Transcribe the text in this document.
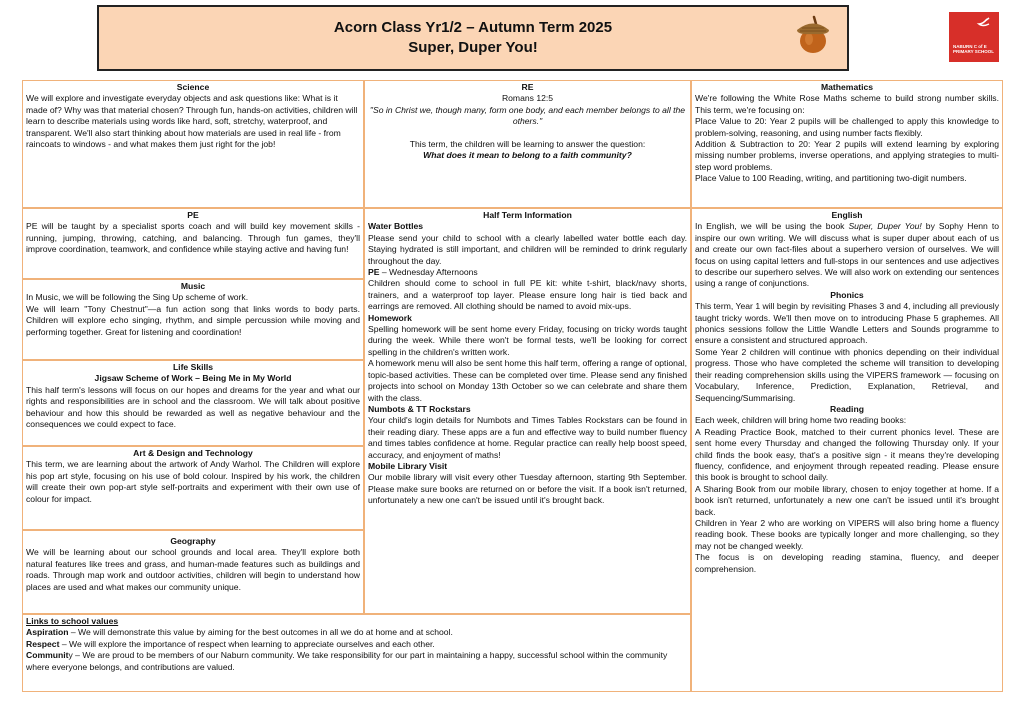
Acorn Class Yr1/2 – Autumn Term 2025
Super, Duper You!	NABURN C of E PRIMARY SCHOOL

Science

We will explore and investigate everyday objects and ask questions like: What is it made of? Why was that material chosen? Through fun, hands-on activities, children will learn to describe materials using words like hard, soft, stretchy, waterproof, and transparent. We'll also start thinking about how materials are used in real life - from raincoats to windows - and what makes them just right for the job!

RE

Romans 12:5

"So in Christ we, though many, form one body, and each member belongs to all the others."

This term, the children will be learning to answer the question:

What does it mean to belong to a faith community?

Mathematics

We're following the White Rose Maths scheme to build strong number skills. This term, we're focusing on:

Place Value to 20: Year 2 pupils will be challenged to apply this knowledge to problem-solving, reasoning, and using number facts flexibly.

Addition & Subtraction to 20: Year 2 pupils will extend learning by exploring missing number problems, inverse operations, and applying strategies to multi-step word problems.

Place Value to 100 Reading, writing, and partitioning two-digit numbers.

PE

PE will be taught by a specialist sports coach and will build key movement skills - running, jumping, throwing, catching, and balancing. Through fun games, they'll improve coordination, teamwork, and confidence while staying active and having fun!

Music

In Music, we will be following the Sing Up scheme of work.

We will learn "Tony Chestnut"—a fun action song that links words to body parts. Children will explore echo singing, rhythm, and simple percussion while moving and performing together. Great for listening and coordination!

Life Skills

Jigsaw Scheme of Work – Being Me in My World

This half term's lessons will focus on our hopes and dreams for the year and what our rights and responsibilities are in school and the classroom. We will talk about positive behaviour and how this should be rewarded as well as negative behaviour and the consequences we could expect to face.

Art & Design and Technology

This term, we are learning about the artwork of Andy Warhol. The Children will explore his pop art style, focusing on his use of bold colour. Inspired by his work, the children will create their own pop-art style self-portraits and experiment with their own use of colour for impact.

Geography

We will be learning about our school grounds and local area. They'll explore both natural features like trees and grass, and human-made features such as buildings and roads. Through map work and outdoor activities, children will begin to understand how places are used and what makes our community unique.

Half Term Information

Water Bottles

Please send your child to school with a clearly labelled water bottle each day. Staying hydrated is still important, and children will be reminded to drink regularly throughout the day.

PE – Wednesday Afternoons

Children should come to school in full PE kit: white t-shirt, black/navy shorts, trainers, and a waterproof top layer. Please ensure long hair is tied back and earrings are removed. All clothing should be named to avoid mix-ups.

Homework

Spelling homework will be sent home every Friday, focusing on tricky words taught during the week. While there won't be formal tests, we'll be looking for correct spelling in the children's written work.

A homework menu will also be sent home this half term, offering a range of optional, topic-based activities. These can be completed over time. Please send any finished projects into school on Monday 13th October so we can celebrate and share them with the class.

Numbots & TT Rockstars

Your child's login details for Numbots and Times Tables Rockstars can be found in their reading diary. These apps are a fun and effective way to build number fluency and times tables confidence at home. Regular practice can really help boost speed, accuracy, and enjoyment of maths!

Mobile Library Visit

Our mobile library will visit every other Tuesday afternoon, starting 9th September. Please make sure books are returned on or before the visit. If a book isn't returned, unfortunately a new one can't be issued until it's brought back.

English

In English, we will be using the book Super, Duper You! by Sophy Henn to inspire our own writing. We will discuss what is super duper about each of us and create our own fact-files about a superhero version of ourselves. We will focus on using capital letters and full-stops in our sentences and use adjectives to describe our superhero selves. We will also work on extending our sentences using a range of conjunctions.

Phonics

This term, Year 1 will begin by revisiting Phases 3 and 4, including all previously taught tricky words. We'll then move on to introducing Phase 5 graphemes. All phonics sessions follow the Little Wandle Letters and Sounds programme to ensure a consistent and structured approach.

Some Year 2 children will continue with phonics depending on their individual progress. Those who have completed the scheme will transition to developing their reading comprehension skills using the VIPERS framework — focusing on Vocabulary, Inference, Prediction, Explanation, Retrieval, and Sequencing/Summarising.

Reading

Each week, children will bring home two reading books:

A Reading Practice Book, matched to their current phonics level. These are sent home every Thursday and changed the following Thursday only. If your child finds the book easy, that's a positive sign - it means they're developing fluency, confidence, and enjoyment through repeated reading. Please ensure this book is brought to school daily.

A Sharing Book from our mobile library, chosen to enjoy together at home. If a book isn't returned, unfortunately a new one can't be issued until it's brought back.

Children in Year 2 who are working on VIPERS will also bring home a fluency reading book. These books are typically longer and more challenging, so they may not be changed weekly.

The focus is on developing reading stamina, fluency, and deeper comprehension.

Links to school values

Aspiration – We will demonstrate this value by aiming for the best outcomes in all we do at home and at school.

Respect – We will explore the importance of respect when learning to appreciate ourselves and each other.

Community – We are proud to be members of our Naburn community. We take responsibility for our part in maintaining a happy, successful school within the community where everyone belongs, and contributions are valued.
